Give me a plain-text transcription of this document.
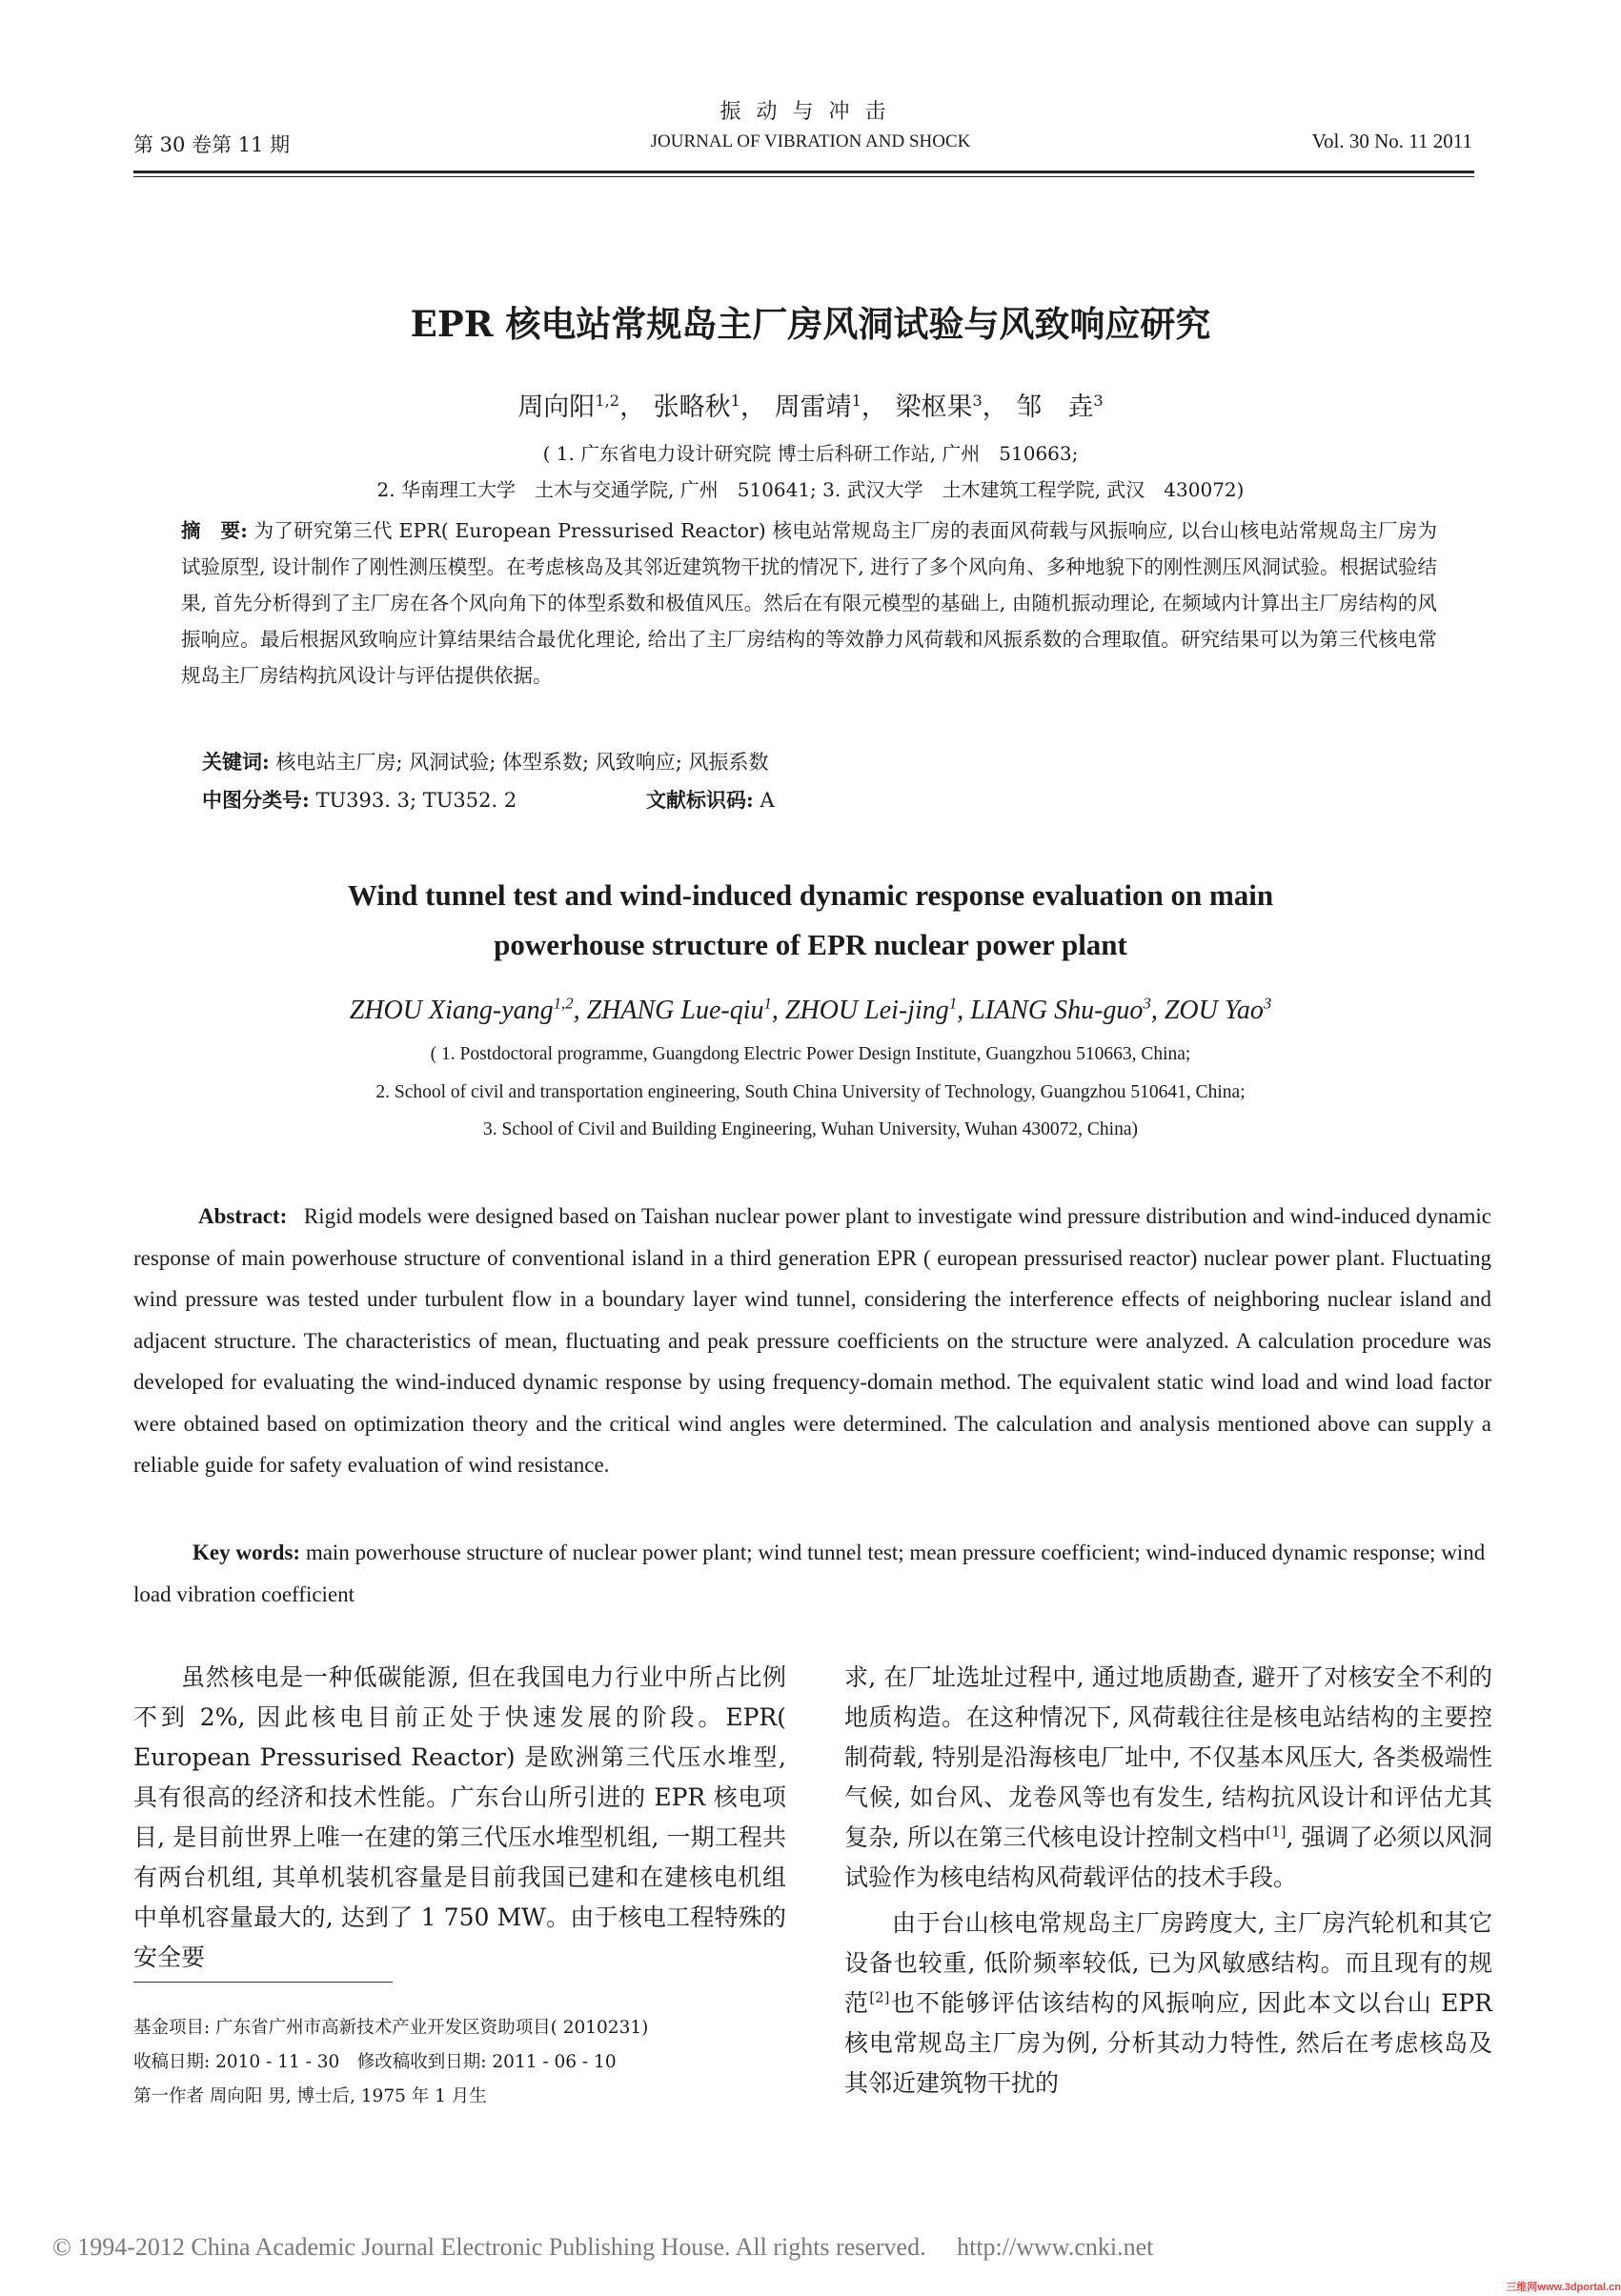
振动与冲击
第 30 卷第 11 期	JOURNAL OF VIBRATION AND SHOCK	Vol. 30 No. 11 2011
EPR 核电站常规岛主厂房风洞试验与风致响应研究
周向阳$^{1,2}$， 张略秋$^1$， 周雷靖$^1$， 梁枢果$^3$， 邹　垚$^3$
( 1. 广东省电力设计研究院 博士后科研工作站, 广州　510663;
2. 华南理工大学　土木与交通学院, 广州　510641; 3. 武汉大学　土木建筑工程学院, 武汉　430072)
摘　要: 为了研究第三代 EPR( European Pressurised Reactor) 核电站常规岛主厂房的表面风荷载与风振响应, 以台山核电站常规岛主厂房为试验原型, 设计制作了刚性测压模型。在考虑核岛及其邻近建筑物干扰的情况下, 进行了多个风向角、多种地貌下的刚性测压风洞试验。根据试验结果, 首先分析得到了主厂房在各个风向角下的体型系数和极值风压。然后在有限元模型的基础上, 由随机振动理论, 在频域内计算出主厂房结构的风振响应。最后根据风致响应计算结果结合最优化理论, 给出了主厂房结构的等效静力风荷载和风振系数的合理取值。研究结果可以为第三代核电常规岛主厂房结构抗风设计与评估提供依据。
关键词: 核电站主厂房; 风洞试验; 体型系数; 风致响应; 风振系数
中图分类号: TU393. 3; TU352. 2	文献标识码: A
Wind tunnel test and wind-induced dynamic response evaluation on main
powerhouse structure of EPR nuclear power plant
ZHOU Xiang-yang$^{1,2}$, ZHANG Lue-qiu$^1$, ZHOU Lei-jing$^1$, LIANG Shu-guo$^3$, ZOU Yao$^3$
( 1. Postdoctoral programme, Guangdong Electric Power Design Institute, Guangzhou 510663, China;
2. School of civil and transportation engineering, South China University of Technology, Guangzhou 510641, China;
3. School of Civil and Building Engineering, Wuhan University, Wuhan 430072, China)
Abstract: Rigid models were designed based on Taishan nuclear power plant to investigate wind pressure distribution and wind-induced dynamic response of main powerhouse structure of conventional island in a third generation EPR ( european pressurised reactor) nuclear power plant. Fluctuating wind pressure was tested under turbulent flow in a boundary layer wind tunnel, considering the interference effects of neighboring nuclear island and adjacent structure. The characteristics of mean, fluctuating and peak pressure coefficients on the structure were analyzed. A calculation procedure was developed for evaluating the wind-induced dynamic response by using frequency-domain method. The equivalent static wind load and wind load factor were obtained based on optimization theory and the critical wind angles were determined. The calculation and analysis mentioned above can supply a reliable guide for safety evaluation of wind resistance.
Key words: main powerhouse structure of nuclear power plant; wind tunnel test; mean pressure coefficient; wind-induced dynamic response; wind load vibration coefficient

虽然核电是一种低碳能源, 但在我国电力行业中所占比例不到 2%, 因此核电目前正处于快速发展的阶段。EPR( European Pressurised Reactor) 是欧洲第三代压水堆型, 具有很高的经济和技术性能。广东台山所引进的 EPR 核电项目, 是目前世界上唯一在建的第三代压水堆型机组, 一期工程共有两台机组, 其单机装机容量是目前我国已建和在建核电机组中单机容量最大的, 达到了 1 750 MW。由于核电工程特殊的安全要

求, 在厂址选址过程中, 通过地质勘查, 避开了对核安全不利的地质构造。在这种情况下, 风荷载往往是核电站结构的主要控制荷载, 特别是沿海核电厂址中, 不仅基本风压大, 各类极端性气候, 如台风、龙卷风等也有发生, 结构抗风设计和评估尤其复杂, 所以在第三代核电设计控制文档中[1], 强调了必须以风洞试验作为核电结构风荷载评估的技术手段。

由于台山核电常规岛主厂房跨度大, 主厂房汽轮机和其它设备也较重, 低阶频率较低, 已为风敏感结构。而且现有的规范[2]也不能够评估该结构的风振响应, 因此本文以台山 EPR 核电常规岛主厂房为例, 分析其动力特性, 然后在考虑核岛及其邻近建筑物干扰的

基金项目: 广东省广州市高新技术产业开发区资助项目( 2010231)
收稿日期: 2010 - 11 - 30　修改稿收到日期: 2011 - 06 - 10
第一作者 周向阳 男, 博士后, 1975 年 1 月生
© 1994-2012 China Academic Journal Electronic Publishing House. All rights reserved.　 http://www.cnki.net
三维网www.3dportal.cn
